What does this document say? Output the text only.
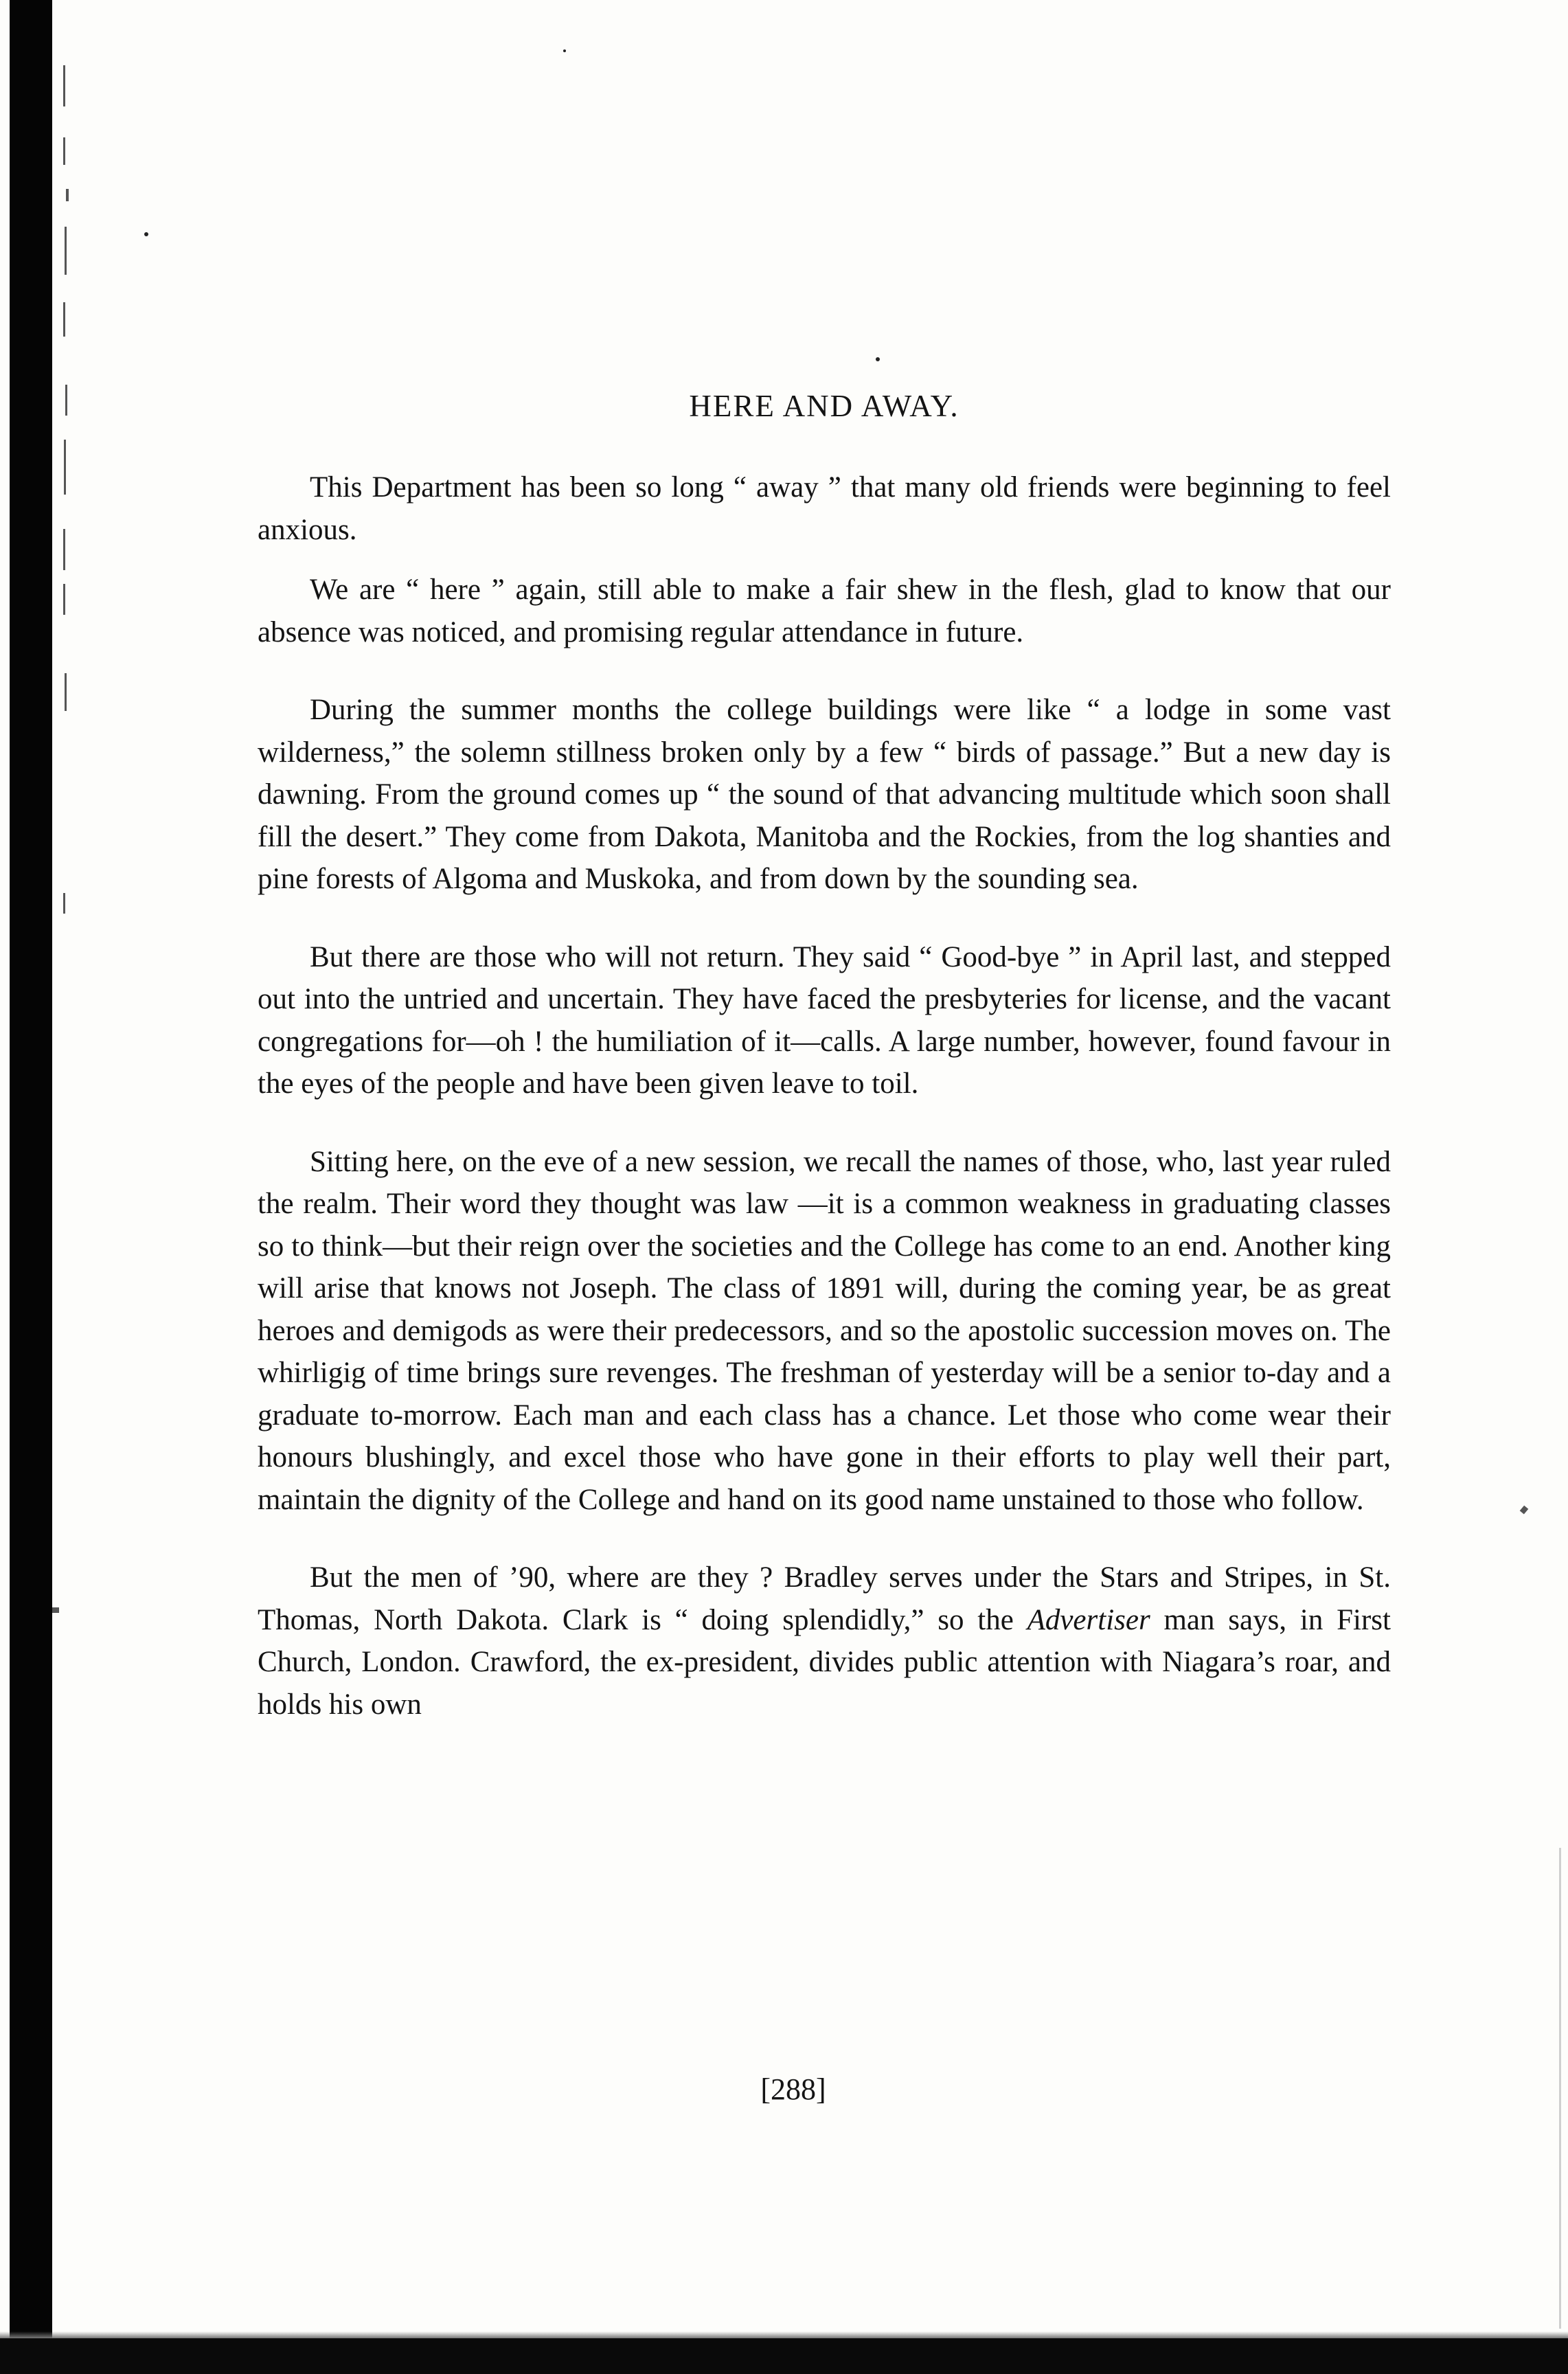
HERE AND AWAY.

This Department has been so long “ away ” that many old friends were beginning to feel anxious.

We are “ here ” again, still able to make a fair shew in the flesh, glad to know that our absence was noticed, and promising regular attendance in future.

During the summer months the college buildings were like “ a lodge in some vast wilderness,” the solemn stillness broken only by a few “ birds of passage.” But a new day is dawning. From the ground comes up “ the sound of that advancing multitude which soon shall fill the desert.” They come from Dakota, Manitoba and the Rockies, from the log shanties and pine forests of Algoma and Muskoka, and from down by the sounding sea.

But there are those who will not return. They said “ Good-bye ” in April last, and stepped out into the untried and uncertain. They have faced the presbyteries for license, and the vacant congregations for—oh ! the humiliation of it—calls. A large number, however, found favour in the eyes of the people and have been given leave to toil.

Sitting here, on the eve of a new session, we recall the names of those, who, last year ruled the realm. Their word they thought was law —it is a common weakness in graduating classes so to think—but their reign over the societies and the College has come to an end. Another king will arise that knows not Joseph. The class of 1891 will, during the coming year, be as great heroes and demigods as were their predecessors, and so the apostolic succession moves on. The whirligig of time brings sure revenges. The freshman of yesterday will be a senior to-day and a graduate to-morrow. Each man and each class has a chance. Let those who come wear their honours blushingly, and excel those who have gone in their efforts to play well their part, maintain the dignity of the College and hand on its good name unstained to those who follow.

But the men of ’90, where are they ? Bradley serves under the Stars and Stripes, in St. Thomas, North Dakota. Clark is “ doing splendidly,” so the Advertiser man says, in First Church, London. Crawford, the ex-president, divides public attention with Niagara’s roar, and holds his own

[288]
